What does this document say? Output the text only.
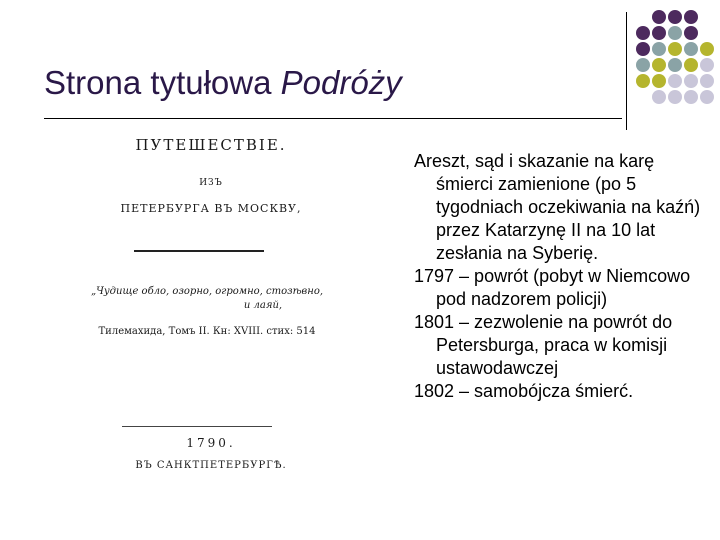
Strona tytułowa Podróży
ПУТЕШЕСТВІЕ.
ИЗЪ
ПЕТЕРБУРГА ВЪ МОСКВУ,
„Чудище обло, озорно, огромно, стозѣвно,
и лаяй,
Тилемахида, Томъ II. Кн: XVIII. стих: 514
1790.
ВЪ САНКТПЕТЕРБУРГѢ.
Areszt, sąd i skazanie na karę śmierci zamienione (po 5 tygodniach oczekiwania na kaźń) przez Katarzynę II na 10 lat zesłania na Syberię.
1797 – powrót (pobyt w Niemcowo pod nadzorem policji)
1801 – zezwolenie na powrót do Petersburga, praca w komisji ustawodawczej
1802 – samobójcza śmierć.
